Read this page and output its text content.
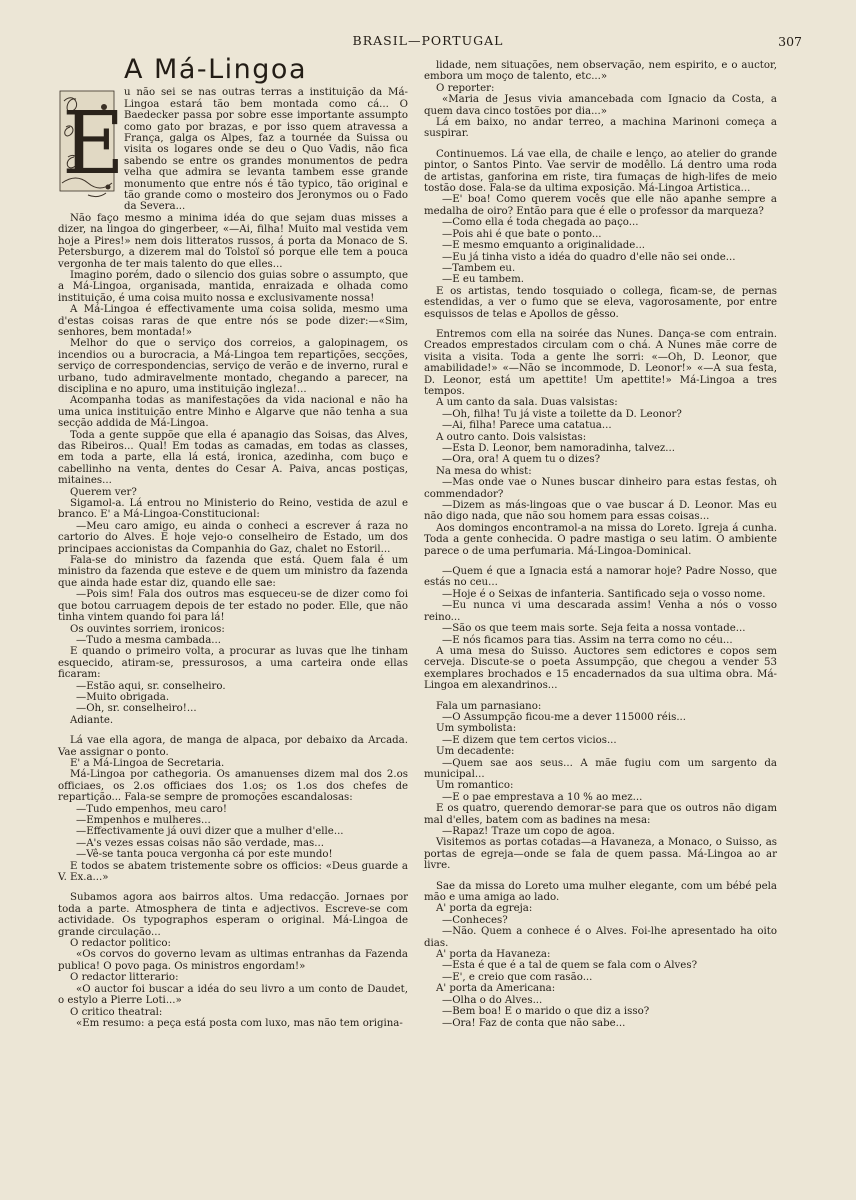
BRASIL—PORTUGAL	307
A Má-Lingoa
E

u não sei se nas outras terras a instituição da Má-Lingoa estará tão bem montada como cá... O Baedecker passa por sobre esse importante assumpto como gato por brazas, e por isso quem atravessa a França, galga os Alpes, faz a tournée da Suissa ou visita os logares onde se deu o Quo Vadis, não fica sabendo se entre os grandes monumentos de pedra velha que admira se levanta tambem esse grande monumento que entre nós é tão typico, tão original e tão grande como o mosteiro dos Jeronymos ou o Fado da Severa...

Não faço mesmo a minima idéa do que sejam duas misses a dizer, na lingoa do gingerbeer, «—Ai, filha! Muito mal vestida vem hoje a Pires!» nem dois litteratos russos, á porta da Monaco de S. Petersburgo, a dizerem mal do Tolstoï só porque elle tem a pouca vergonha de ter mais talento do que elles...

Imagino porém, dado o silencio dos guias sobre o assumpto, que a Má-Lingoa, organisada, mantida, enraizada e olhada como instituição, é uma coisa muito nossa e exclusivamente nossa!

A Má-Lingoa é effectivamente uma coisa solida, mesmo uma d'estas coisas raras de que entre nós se pode dizer:—«Sim, senhores, bem montada!»

Melhor do que o serviço dos correios, a galopinagem, os incendios ou a burocracia, a Má-Lingoa tem repartições, secções, serviço de correspondencias, serviço de verão e de inverno, rural e urbano, tudo admiravelmente montado, chegando a parecer, na disciplina e no apuro, uma instituição ingleza!...

Acompanha todas as manifestações da vida nacional e não ha uma unica instituição entre Minho e Algarve que não tenha a sua secção addida de Má-Lingoa.

Toda a gente suppõe que ella é apanagio das Soisas, das Alves, das Ribeiros... Qual! Em todas as camadas, em todas as classes, em toda a parte, ella lá está, ironica, azedinha, com buço e cabellinho na venta, dentes do Cesar A. Paiva, ancas postiças, mitaines...

Querem ver?

Sigamol-a. Lá entrou no Ministerio do Reino, vestida de azul e branco. E' a Má-Lingoa-Constitucional:

—Meu caro amigo, eu ainda o conheci a escrever á raza no cartorio do Alves. E hoje vejo-o conselheiro de Estado, um dos principaes accionistas da Companhia do Gaz, chalet no Estoril...

Fala-se do ministro da fazenda que está. Quem fala é um ministro da fazenda que esteve e de quem um ministro da fazenda que ainda hade estar diz, quando elle sae:

—Pois sim! Fala dos outros mas esqueceu-se de dizer como foi que botou carruagem depois de ter estado no poder. Elle, que não tinha vintem quando foi para lá!

Os ouvintes sorriem, ironicos:

—Tudo a mesma cambada...

E quando o primeiro volta, a procurar as luvas que lhe tinham esquecido, atiram-se, pressurosos, a uma carteira onde ellas ficaram:

—Estão aqui, sr. conselheiro.

—Muito obrigada.

—Oh, sr. conselheiro!...

Adiante.

Lá vae ella agora, de manga de alpaca, por debaixo da Arcada. Vae assignar o ponto.

E' a Má-Lingoa de Secretaria.

Má-Lingoa por cathegoria. Os amanuenses dizem mal dos 2.os officiaes, os 2.os officiaes dos 1.os; os 1.os dos chefes de repartição... Fala-se sempre de promoções escandalosas:

—Tudo empenhos, meu caro!

—Empenhos e mulheres...

—Effectivamente já ouvi dizer que a mulher d'elle...

—A's vezes essas coisas não são verdade, mas...

—Vê-se tanta pouca vergonha cá por este mundo!

E todos se abatem tristemente sobre os officios: «Deus guarde a V. Ex.a...»

Subamos agora aos bairros altos. Uma redacção. Jornaes por toda a parte. Atmosphera de tinta e adjectivos. Escreve-se com actividade. Os typographos esperam o original. Má-Lingoa de grande circulação...

O redactor politico:

«Os corvos do governo levam as ultimas entranhas da Fazenda publica! O povo paga. Os ministros engordam!»

O redactor litterario:

«O auctor foi buscar a idéa do seu livro a um conto de Daudet, o estylo a Pierre Loti...»

O critico theatral:

«Em resumo: a peça está posta com luxo, mas não tem origina-

lidade, nem situações, nem observação, nem espirito, e o auctor, embora um moço de talento, etc...»

O reporter:

«Maria de Jesus vivia amancebada com Ignacio da Costa, a quem dava cinco tostões por dia...»

Lá em baixo, no andar terreo, a machina Marinoni começa a suspirar.

Continuemos. Lá vae ella, de chaile e lenço, ao atelier do grande pintor, o Santos Pinto. Vae servir de modêllo. Lá dentro uma roda de artistas, ganforina em riste, tira fumaças de high-lifes de meio tostão dose. Fala-se da ultima exposição. Má-Lingoa Artistica...

—E' boa! Como querem vocês que elle não apanhe sempre a medalha de oiro? Então para que é elle o professor da marqueza?

—Como ella é toda chegada ao paço...

—Pois ahi é que bate o ponto...

—E mesmo emquanto a originalidade...

—Eu já tinha visto a idéa do quadro d'elle não sei onde...

—Tambem eu.

—E eu tambem.

E os artistas, tendo tosquiado o collega, ficam-se, de pernas estendidas, a ver o fumo que se eleva, vagorosamente, por entre esquissos de telas e Apollos de gêsso.

Entremos com ella na soirée das Nunes. Dança-se com entrain. Creados emprestados circulam com o chá. A Nunes mãe corre de visita a visita. Toda a gente lhe sorri: «—Oh, D. Leonor, que amabilidade!» «—Não se incommode, D. Leonor!» «—A sua festa, D. Leonor, está um apettite! Um apettite!» Má-Lingoa a tres tempos.

A um canto da sala. Duas valsistas:

—Oh, filha! Tu já viste a toilette da D. Leonor?

—Ai, filha! Parece uma catatua...

A outro canto. Dois valsistas:

—Esta D. Leonor, bem namoradinha, talvez...

—Ora, ora! A quem tu o dizes?

Na mesa do whist:

—Mas onde vae o Nunes buscar dinheiro para estas festas, oh commendador?

—Dizem as más-lingoas que o vae buscar á D. Leonor. Mas eu não digo nada, que não sou homem para essas coisas...

Aos domingos encontramol-a na missa do Loreto. Igreja á cunha. Toda a gente conhecida. O padre mastiga o seu latim. O ambiente parece o de uma perfumaria. Má-Lingoa-Dominical.

—Quem é que a Ignacia está a namorar hoje? Padre Nosso, que estás no ceu...

—Hoje é o Seixas de infanteria. Santificado seja o vosso nome.

—Eu nunca vi uma descarada assim! Venha a nós o vosso reino...

—São os que teem mais sorte. Seja feita a nossa vontade...

—E nós ficamos para tias. Assim na terra como no céu...

A uma mesa do Suisso. Auctores sem edictores e copos sem cerveja. Discute-se o poeta Assumpção, que chegou a vender 53 exemplares brochados e 15 encadernados da sua ultima obra. Má-Lingoa em alexandrinos...

Fala um parnasiano:

—O Assumpção ficou-me a dever 115000 réis...

Um symbolista:

—E dizem que tem certos vicios...

Um decadente:

—Quem sae aos seus... A mãe fugiu com um sargento da municipal...

Um romantico:

—E o pae emprestava a 10 % ao mez...

E os quatro, querendo demorar-se para que os outros não digam mal d'elles, batem com as badines na mesa:

—Rapaz! Traze um copo de agoa.

Visitemos as portas cotadas—a Havaneza, a Monaco, o Suisso, as portas de egreja—onde se fala de quem passa. Má-Lingoa ao ar livre.

Sae da missa do Loreto uma mulher elegante, com um bébé pela mão e uma amiga ao lado.

A' porta da egreja:

—Conheces?

—Não. Quem a conhece é o Alves. Foi-lhe apresentado ha oito dias.

A' porta da Havaneza:

—Esta é que é a tal de quem se fala com o Alves?

—E', e creio que com rasão...

A' porta da Americana:

—Olha o do Alves...

—Bem boa! E o marido o que diz a isso?

—Ora! Faz de conta que não sabe...
